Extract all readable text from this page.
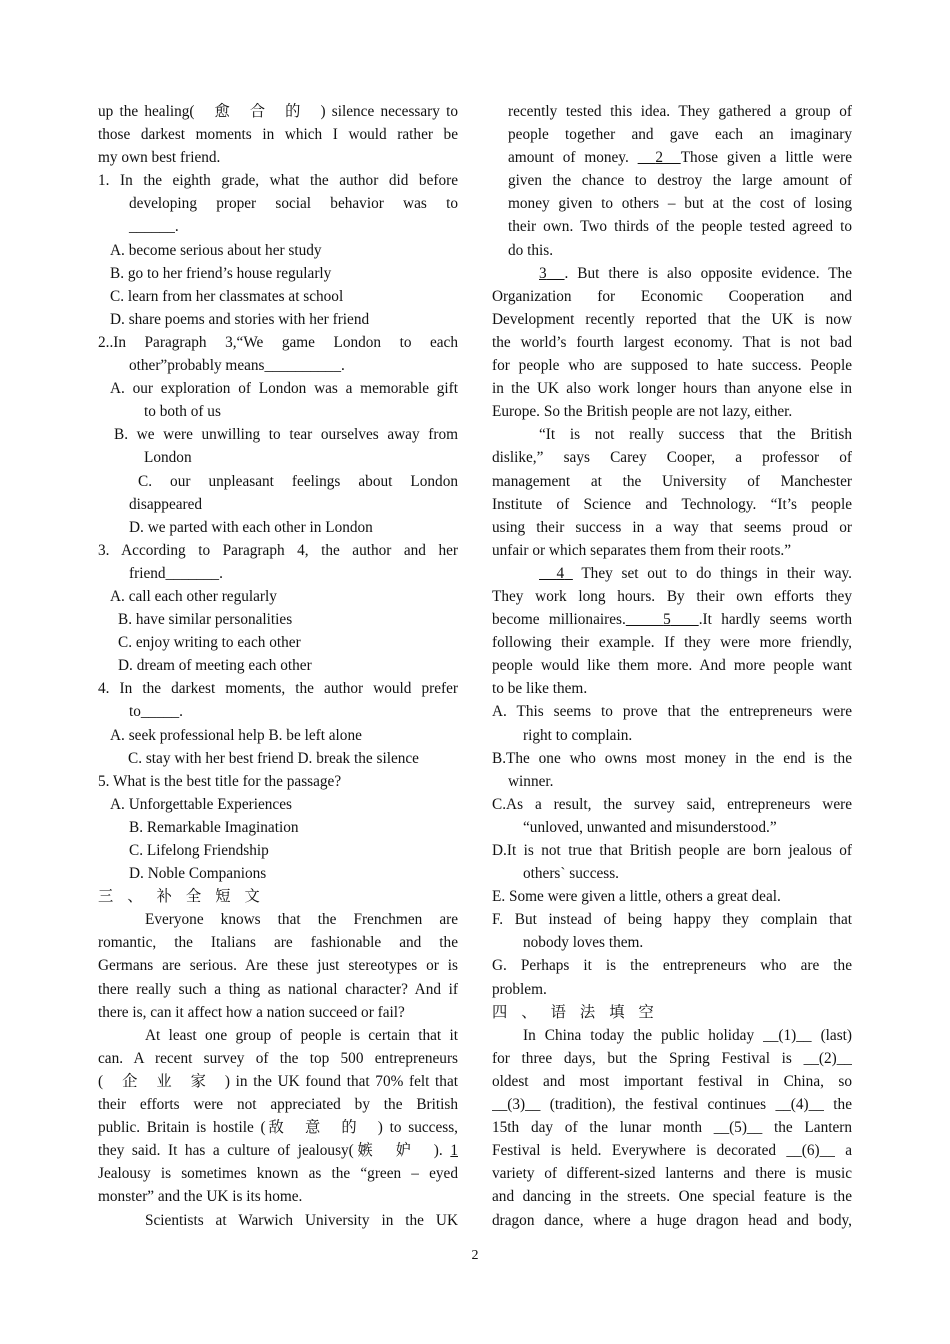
up the healing(　愈　合　的　) silence necessary to
those darkest moments in which I would rather be
my own best friend.
1. In the eighth grade, what the author did before
developing proper social behavior was to
______.
A. become serious about her study
B. go to her friend’s house regularly
C. learn from her classmates at school
D. share poems and stories with her friend
2..In Paragraph 3,“We game London to each
other”probably means__________.
A. our exploration of London was a memorable gift
to both of us
B. we were unwilling to tear ourselves away from
London
C. our unpleasant feelings about London
disappeared
D. we parted with each other in London
3. According to Paragraph 4, the author and her
friend_______.
A. call each other regularly
B. have similar personalities
C. enjoy writing to each other
D. dream of meeting each other
4. In the darkest moments, the author would prefer
to_____.
A. seek professional help B. be left alone
C. stay with her best friend D. break the silence
5. What is the best title for the passage?
A. Unforgettable Experiences
B. Remarkable Imagination
C. Lifelong Friendship
D. Noble Companions
三、补全短文
Everyone knows that the Frenchmen are
romantic, the Italians are fashionable and the
Germans are serious. Are these just stereotypes or is
there really such a thing as national character? And if
there is, can it affect how a nation succeed or fail?
At least one group of people is certain that it
can. A recent survey of the top 500 entrepreneurs
(　企　业　家　) in the UK found that 70% felt that
their efforts were not appreciated by the British
public. Britain is hostile (敌　意　的　) to success,
they said. It has a culture of jealousy(嫉　妒　). 1
Jealousy is sometimes known as the “green – eyed
monster” and the UK is its home.
Scientists at Warwich University in the UK
recently tested this idea. They gathered a group of
people together and gave each an imaginary
amount of money. 2 Those given a little were
given the chance to destroy the large amount of
money given to others – but at the cost of losing
their own. Two thirds of the people tested agreed to
do this.
3 . But there is also opposite evidence. The
Organization for Economic Cooperation and
Development recently reported that the UK is now
the world’s fourth largest economy. That is not bad
for people who are supposed to hate success. People
in the UK also work longer hours than anyone else in
Europe. So the British people are not lazy, either.
“It is not really success that the British
dislike,” says Carey Cooper, a professor of
management at the University of Manchester
Institute of Science and Technology. “It’s people
using their success in a way that seems proud or
unfair or which separates them from their roots.”
4 They set out to do things in their way.
They work long hours. By their own efforts they
become millionaires. 5 .It hardly seems worth
following their example. If they were more friendly,
people would like them more. And more people want
to be like them.
A. This seems to prove that the entrepreneurs were
right to complain.
B.The one who owns most money in the end is the
winner.
C.As a result, the survey said, entrepreneurs were
“unloved, unwanted and misunderstood.”
D.It is not true that British people are born jealous of
others` success.
E. Some were given a little, others a great deal.
F. But instead of being happy they complain that
nobody loves them.
G. Perhaps it is the entrepreneurs who are the
problem.
四、语法填空
In China today the public holiday __(1)__ (last)
for three days, but the Spring Festival is __(2)__
oldest and most important festival in China, so
__(3)__ (tradition), the festival continues __(4)__ the
15th day of the lunar month __(5)__ the Lantern
Festival is held. Everywhere is decorated __(6)__ a
variety of different-sized lanterns and there is music
and dancing in the streets. One special feature is the
dragon dance, where a huge dragon head and body,
2
